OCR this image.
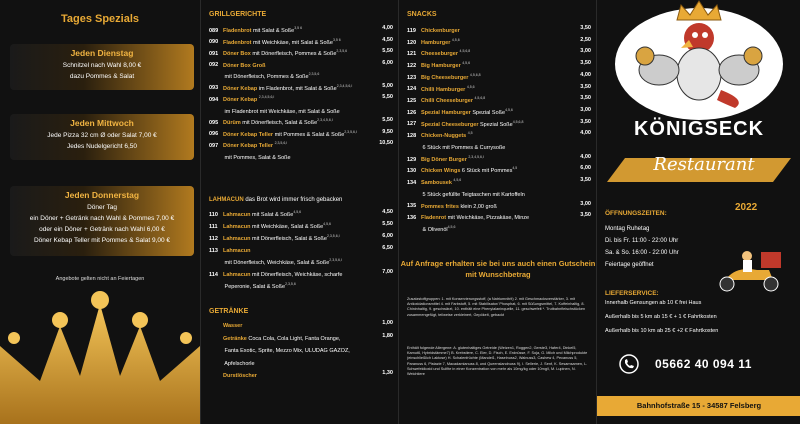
Tages Spezials
Jeden Dienstag
Schnitzel nach Wahl 8,00 €
dazu Pommes & Salat
Jeden Mittwoch
Jede Pizza 32 cm Ø oder Salat 7,00 €
Jedes Nudelgericht 6,50
Jeden Donnerstag
Döner Tag
ein Döner + Getränk nach Wahl & Pommes 7,00 €
oder ein Döner + Getränk nach Wahl 6,00 €
Döner Kebap Teller mit Pommes & Salat 9,00 €
Angebote gelten nicht an Feiertagen
GRILLGERICHTE
089 Fladenbrot mit Salat & Soße$^{3,5 6}$	4,00
090 Fladenbrot mit Weichkäse, mit Salat & Soße$^{3,5 6}$	4,50
091 Döner Box mit Dönerfleisch, Pommes & Soße$^{2,3,5,6}$	5,50
092 Döner Box Groß	6,00
mit Dönerfleisch, Pommes & Soße$^{2,3,5,6}$
093 Döner Kebap im Fladenbrot, mit Salat & Soße$^{2,3,4,5,6,I}$	5,00
094 Döner Kebap $^{2,3,4,5,6,I}$	5,50
im Fladenbrot mit Weichkäse, mit Salat & Soße
095 Dürüm mit Dönerfleisch, Salat & Soße$^{2,3,4,5,6,I}$	5,50
096 Döner Kebap Teller mit Pommes & Salat & Soße$^{2,3,5,6,I}$	9,50
097 Döner Kebap Teller $^{2,3,5,6,I}$	10,50
mit Pommes, Salat & Soße
LAHMACUN das Brot wird immer frisch gebacken
110 Lahmacun mit Salat & Soße$^{4,5,6}$	4,50
111 Lahmacun mit Weichkäse, Salat & Soße$^{4,5,6}$	5,50
112 Lahmacun mit Dönerfleisch, Salat & Soße$^{2,3,5,6,I}$	6,00
113 Lahmacun	6,50
mit Dönerfleisch, Weichkäse, Salat & Soße$^{2,3,5,6,I}$
114 Lahmacun mit Dönerfleisch, Weichkäse, scharfe	7,00
Peperonie, Salat & Soße$^{2,3,5,6}$
GETRÄNKE
Wasser	1,00
Getränke Coca Cola, Cola Light, Fanta Orange,	1,80
Fanta Exotic, Sprite, Mezzo Mix, ULUDAG GAZOZ,
Apfelschorle
Durstlöscher	1,30
SNACKS
119 Chickenburger	3,50
120 Hamburger $^{4,5,6}$	2,50
121 Cheeseburger $^{4,5,6,8}$	3,00
122 Big Hamburger $^{4,5,6}$	3,50
123 Big Cheeseburger $^{4,5,6,8}$	4,00
124 Chilli Hamburger $^{4,5,6}$	3,50
125 Chilli Cheeseburger $^{4,5,6,8}$	3,50
126 Spezial Hamburger Spezial Soße$^{4,5,6}$	3,00
127 Spezial Cheeseburger Spezial Soße$^{4,5,6,8}$	3,50
128 Chicken-Nuggets $^{4,5}$	4,00
6 Stück mit Pommes & Currysoße
129 Big Döner Burger $^{2,3,4,5,6,I}$	4,00
130 Chicken Wings 6 Stück mit Pommes$^{4,5}$	6,00
134 Sambousek $^{4,5,6}$	3,50
5 Stück gefüllte Teigtaschen mit Kartoffeln
135 Pommes frites klein 2,00 groß	3,00
136 Fladenrot mit Weichkäse, Pizzakäse, Minze	3,50
& Olivenöl$^{4,5,6}$
Auf Anfrage erhalten sie bei uns auch einen Gutschein mit Wunschbetrag
Zusatzstoffgruppen: 1. mit Konservierungsstoff, (a Natriumnitrit) 2. mit Geschmacksverstärker, 3. mit Antioxidationsmittel 4. mit Farbstoff, 5. mit Stabilisator/ Phosphat, 6. mit Süßungsmittel, 7. Koffeinhaltig, 8. Chininhaltig, 9. geschwärzt, 10. enthält eine Phenylalaninquelle, 11. geschwefelt *. Trutbahnfleischstücken zusammengefügt, teilweise zerkleinert, Gepökelt, gebackt
Enthält folgende Allergene: A. glutenhaltiges Getreide (Weizen1, Roggen2, Gerste3, Hafer4, Dinkel5, Kamut6, Hybridstämme7) B. Krebstiere, C. Eier, D. Fisch, E. Erdnüsse, F. Soja, G. Milch und Milchprodukte (einschließlich Laktose) H. Schalenfrüchte (Mandel1, Haselnuss2, Walnuss3, Cashew 4, Pecanuss 5, Paranuss 6, Pistazie 7, Macadamianuss 8, und Queenslandnuss 9), I. Sellerie, J. Senf, K. Sesamsamen, L. Schwefeldioxid und Sulfite in einer Konzentration von mehr als 10mg/kg oder 10mg/l, M. Lupinen, N. Weichtiere
KÖNIGSECK
Restaurant
2022
ÖFFNUNGSZEITEN:
Montag Ruhetag
Di. bis Fr. 11:00 - 22:00 Uhr
Sa. & So. 16:00 - 22:00 Uhr
Feiertage geöffnet
LIEFERSERVICE:
Innerhalb Gensungen ab 10 € frei Haus
Außerhalb bis 5 km ab 15 € + 1 € Fahrtkosten
Außerhalb bis 10 km ab 25 € +2 € Fahrtkosten
05662 40 094 11
Bahnhofstraße 15 - 34587 Felsberg
